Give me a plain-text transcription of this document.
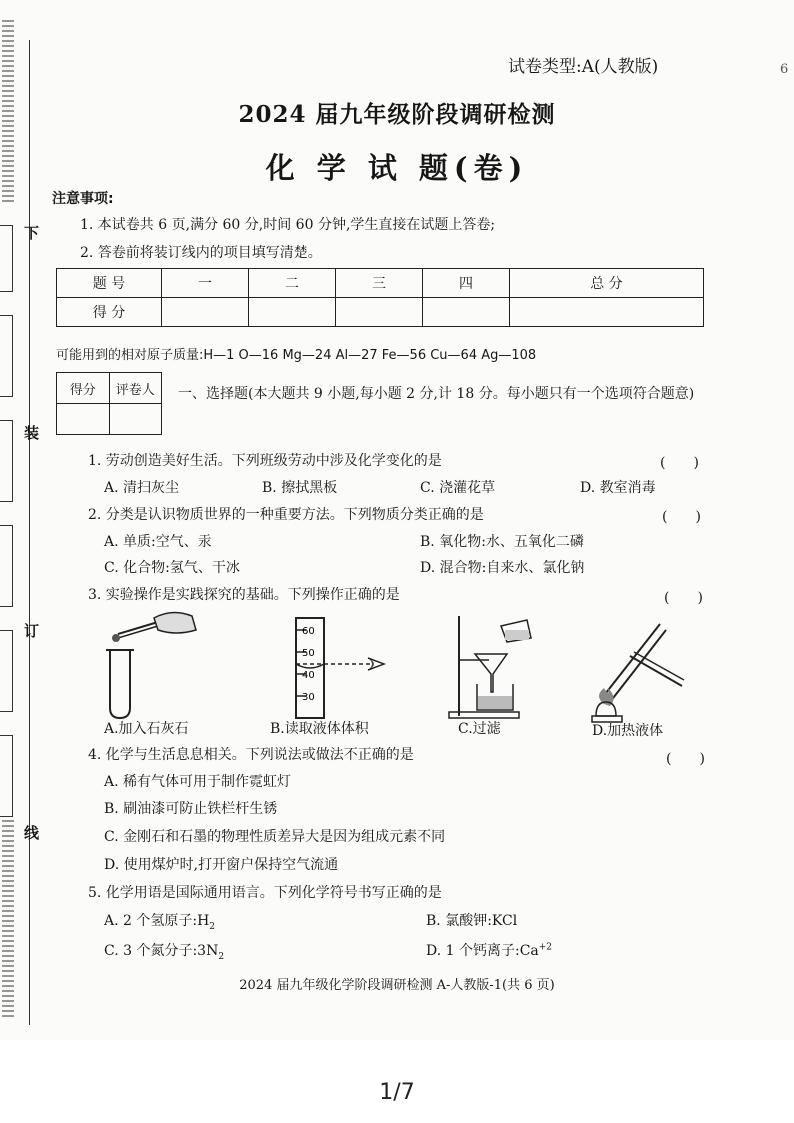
下
装
订
线
试卷类型:A(人教版)	6
2024 届九年级阶段调研检测
化 学 试 题(卷)
注意事项:
1. 本试卷共 6 页,满分 60 分,时间 60 分钟,学生直接在试题上答卷;
2. 答卷前将装订线内的项目填写清楚。
题 号	一	二	三	四	总 分
得 分					
可能用到的相对原子质量:H—1 O—16 Mg—24 Al—27 Fe—56 Cu—64 Ag—108
得分	评卷人
	一、选择题(本大题共 9 小题,每小题 2 分,计 18 分。每小题只有一个选项符合题意)
1. 劳动创造美好生活。下列班级劳动中涉及化学变化的是	(　　)
A. 清扫灰尘	B. 擦拭黑板	C. 浇灌花草	D. 教室消毒
2. 分类是认识物质世界的一种重要方法。下列物质分类正确的是	(　　)
A. 单质:空气、汞	B. 氧化物:水、五氧化二磷
C. 化合物:氢气、干冰	D. 混合物:自来水、氯化钠
3. 实验操作是实践探究的基础。下列操作正确的是	(　　)
A.加入石灰石
60
50
40
30
B.读取液体体积	C.过滤	D.加热液体
4. 化学与生活息息相关。下列说法或做法不正确的是	(　　)
A. 稀有气体可用于制作霓虹灯
B. 刷油漆可防止铁栏杆生锈
C. 金刚石和石墨的物理性质差异大是因为组成元素不同
D. 使用煤炉时,打开窗户保持空气流通
5. 化学用语是国际通用语言。下列化学符号书写正确的是
A. 2 个氢原子$:H_2$	B. 氯酸钾:KCl
C. 3 个氮分子$:3N_2$	D. 1 个钙离子$:Ca^{+2}$
2024 届九年级化学阶段调研检测 A-人教版-1(共 6 页)
1/7
